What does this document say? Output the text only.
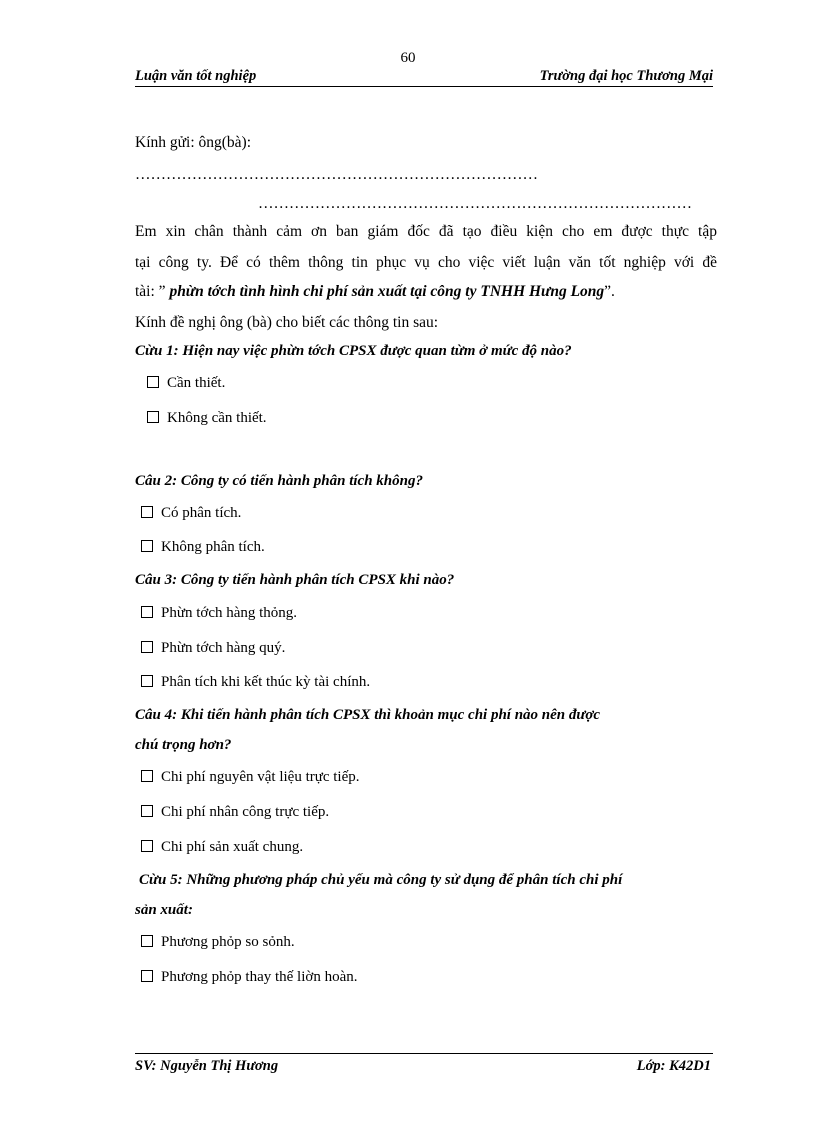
60
Luận văn tốt nghiệp	Trường đại học Thương Mại
Kính gửi: ông(bà):
……………………………………………………………………
…………………………………………………………………………
Em xin chân thành cảm ơn ban giám đốc đã tạo điều kiện cho em được thực tập
tại công ty. Để có thêm thông tin phục vụ cho việc viết luận văn tốt nghiệp với đề
tài: ” phừn tớch tình hình chi phí sản xuất tại công ty TNHH Hưng Long”.
Kính đề nghị ông (bà) cho biết các thông tin sau:
Cừu 1: Hiện nay việc phừn tớch CPSX được quan từm ở mức độ nào?
Cần thiết.
Không cần thiết.
Câu 2: Công ty có tiến hành phân tích không?
Có phân tích.
Không phân tích.
Câu 3: Công ty tiến hành phân tích CPSX khi nào?
Phừn tớch hàng thỏng.
Phừn tớch hàng quý.
Phân tích khi kết thúc kỳ tài chính.
Câu 4: Khi tiến hành phân tích CPSX thì khoản mục chi phí nào nên được
chú trọng hơn?
Chi phí nguyên vật liệu trực tiếp.
Chi phí nhân công trực tiếp.
Chi phí sản xuất chung.
Cừu 5: Những phương pháp chủ yếu mà công ty sử dụng để phân tích chi phí
sản xuất:
Phương phỏp so sỏnh.
Phương phỏp thay thế liờn hoàn.
SV: Nguyễn Thị Hương	Lớp: K42D1
